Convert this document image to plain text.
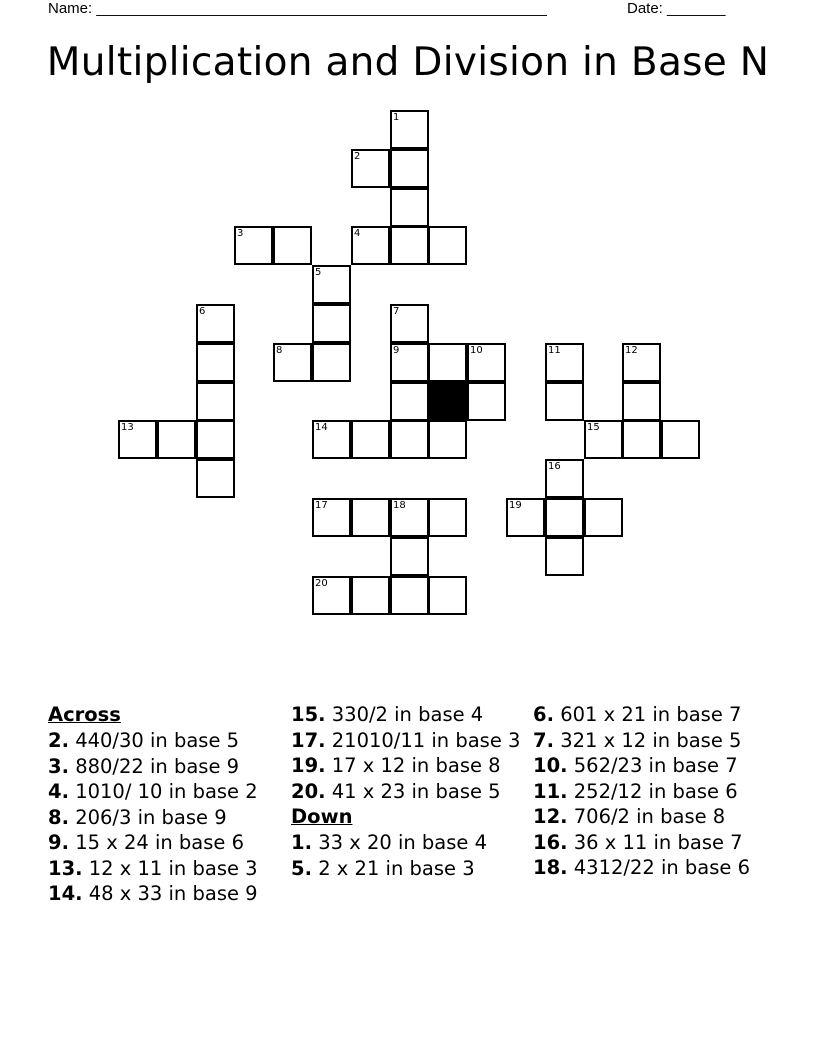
Name: ______________________________________________________	Date: _______
Multiplication and Division in Base N
1
2
3	4
5
6	7
8	9	10	11	12
13	14	15
16
17	18	19
20
Across
2. 440/30 in base 5
3. 880/22 in base 9
4. 1010/ 10 in base 2
8. 206/3 in base 9
9. 15 x 24 in base 6
13. 12 x 11 in base 3
14. 48 x 33 in base 9
15. 330/2 in base 4
17. 21010/11 in base 3
19. 17 x 12 in base 8
20. 41 x 23 in base 5
Down
1. 33 x 20 in base 4
5. 2 x 21 in base 3
6. 601 x 21 in base 7
7. 321 x 12 in base 5
10. 562/23 in base 7
11. 252/12 in base 6
12. 706/2 in base 8
16. 36 x 11 in base 7
18. 4312/22 in base 6
